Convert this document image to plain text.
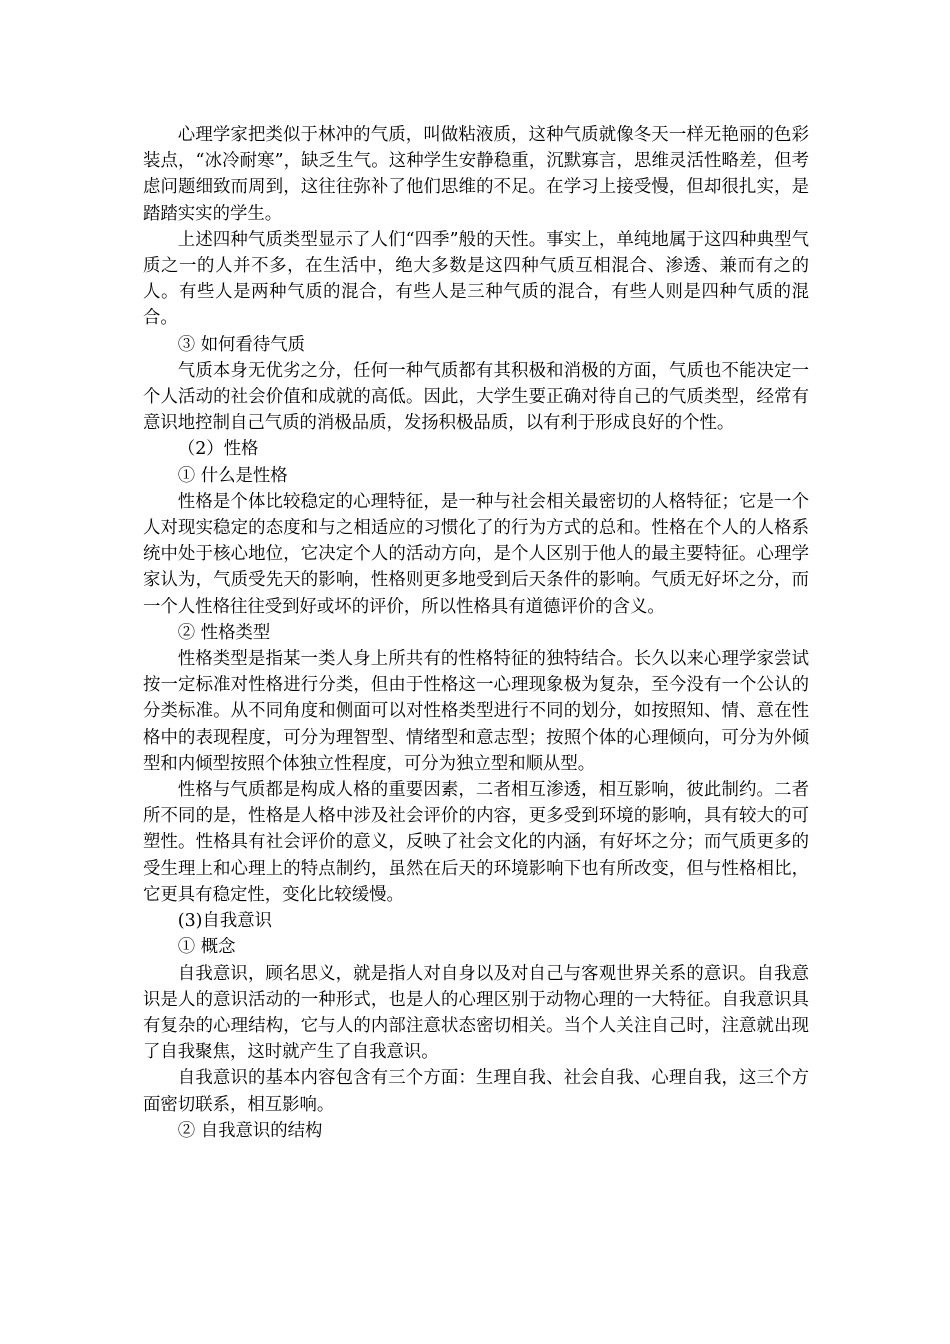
心理学家把类似于林冲的气质，叫做粘液质，这种气质就像冬天一样无艳丽的色彩装点，“冰冷耐寒”，缺乏生气。这种学生安静稳重，沉默寡言，思维灵活性略差，但考虑问题细致而周到，这往往弥补了他们思维的不足。在学习上接受慢，但却很扎实，是踏踏实实的学生。

上述四种气质类型显示了人们“四季”般的天性。事实上，单纯地属于这四种典型气质之一的人并不多，在生活中，绝大多数是这四种气质互相混合、渗透、兼而有之的人。有些人是两种气质的混合，有些人是三种气质的混合，有些人则是四种气质的混合。

③ 如何看待气质

气质本身无优劣之分，任何一种气质都有其积极和消极的方面，气质也不能决定一个人活动的社会价值和成就的高低。因此，大学生要正确对待自己的气质类型，经常有意识地控制自己气质的消极品质，发扬积极品质，以有利于形成良好的个性。

（2）性格

① 什么是性格

性格是个体比较稳定的心理特征，是一种与社会相关最密切的人格特征；它是一个人对现实稳定的态度和与之相适应的习惯化了的行为方式的总和。性格在个人的人格系统中处于核心地位，它决定个人的活动方向，是个人区别于他人的最主要特征。心理学家认为，气质受先天的影响，性格则更多地受到后天条件的影响。气质无好坏之分，而一个人性格往往受到好或坏的评价，所以性格具有道德评价的含义。

② 性格类型

性格类型是指某一类人身上所共有的性格特征的独特结合。长久以来心理学家尝试按一定标准对性格进行分类，但由于性格这一心理现象极为复杂，至今没有一个公认的分类标准。从不同角度和侧面可以对性格类型进行不同的划分，如按照知、情、意在性格中的表现程度，可分为理智型、情绪型和意志型；按照个体的心理倾向，可分为外倾型和内倾型按照个体独立性程度，可分为独立型和顺从型。

性格与气质都是构成人格的重要因素，二者相互渗透，相互影响，彼此制约。二者所不同的是，性格是人格中涉及社会评价的内容，更多受到环境的影响，具有较大的可塑性。性格具有社会评价的意义，反映了社会文化的内涵，有好坏之分；而气质更多的受生理上和心理上的特点制约，虽然在后天的环境影响下也有所改变，但与性格相比，它更具有稳定性，变化比较缓慢。

(3)自我意识

① 概念

自我意识，顾名思义，就是指人对自身以及对自己与客观世界关系的意识。自我意识是人的意识活动的一种形式，也是人的心理区别于动物心理的一大特征。自我意识具有复杂的心理结构，它与人的内部注意状态密切相关。当个人关注自己时，注意就出现了自我聚焦，这时就产生了自我意识。

自我意识的基本内容包含有三个方面：生理自我、社会自我、心理自我，这三个方面密切联系，相互影响。

② 自我意识的结构
